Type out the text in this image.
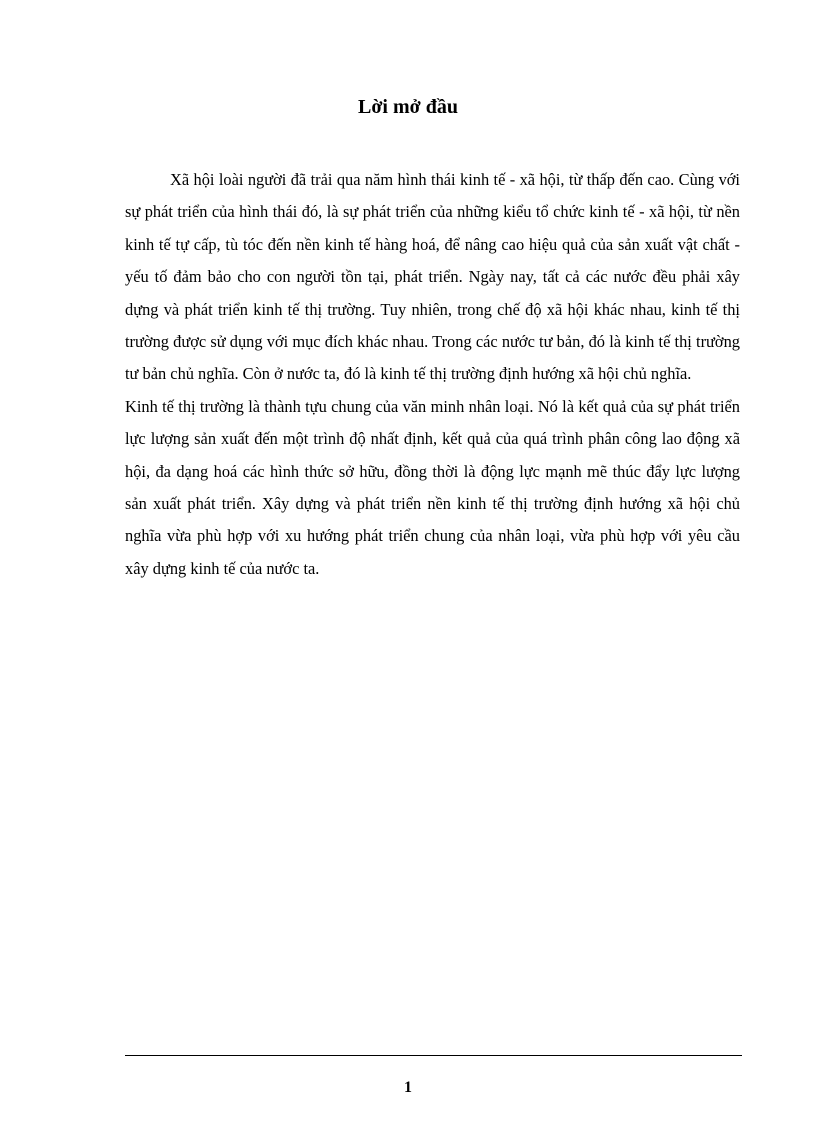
Lời mở đầu

Xã hội loài người đã trải qua năm hình thái kinh tế - xã hội, từ thấp đến cao. Cùng với sự phát triển của hình thái đó, là sự phát triển của những kiểu tổ chức kinh tế - xã hội, từ nền kinh tế tự cấp, tù tóc đến nền kinh tế hàng hoá, để nâng cao hiệu quả của sản xuất vật chất - yếu tố đảm bảo cho con người tồn tại, phát triển. Ngày nay, tất cả các nước đều phải xây dựng và phát triển kinh tế thị trường. Tuy nhiên, trong chế độ xã hội khác nhau, kinh tế thị trường được sử dụng với mục đích khác nhau. Trong các nước tư bản, đó là kinh tế thị trường tư bản chủ nghĩa. Còn ở nước ta, đó là kinh tế thị trường định hướng xã hội chủ nghĩa.

Kinh tế thị trường là thành tựu chung của văn minh nhân loại. Nó là kết quả của sự phát triển lực lượng sản xuất đến một trình độ nhất định, kết quả của quá trình phân công lao động xã hội, đa dạng hoá các hình thức sở hữu, đồng thời là động lực mạnh mẽ thúc đẩy lực lượng sản xuất phát triển. Xây dựng và phát triển nền kinh tế thị trường định hướng xã hội chủ nghĩa vừa phù hợp với xu hướng phát triển chung của nhân loại, vừa phù hợp với yêu cầu xây dựng kinh tế của nước ta.

1
